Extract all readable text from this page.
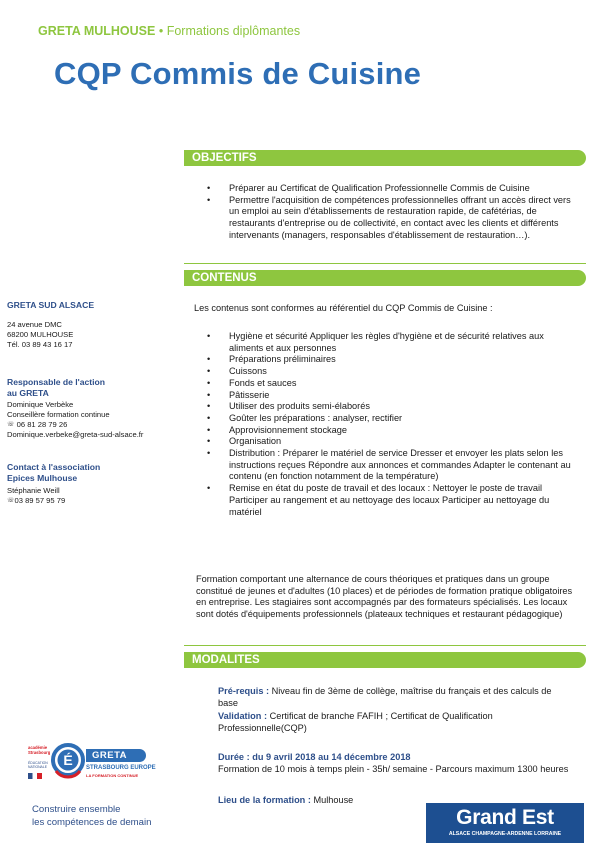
GRETA MULHOUSE • Formations diplômantes
CQP Commis de Cuisine
OBJECTIFS
• Préparer au Certificat de Qualification Professionnelle Commis de Cuisine
• Permettre l'acquisition de compétences professionnelles offrant un accès direct vers un emploi au sein d'établissements de restauration rapide, de cafétérias, de restaurants d'entreprise ou de collectivité, en contact avec les clients et différents intervenants (managers, responsables d'établissement de restauration…).
CONTENUS
Les contenus sont conformes au référentiel du CQP Commis de Cuisine :
• Hygiène et sécurité Appliquer les règles d'hygiène et de sécurité relatives aux aliments et aux personnes
• Préparations préliminaires
• Cuissons
• Fonds et sauces
• Pâtisserie
• Utiliser des produits semi-élaborés
• Goûter les préparations : analyser, rectifier
• Approvisionnement stockage
• Organisation
• Distribution : Préparer le matériel de service Dresser et envoyer les plats selon les instructions reçues Répondre aux annonces et commandes Adapter le contenant au contenu (en fonction notamment de la température)
• Remise en état du poste de travail et des locaux : Nettoyer le poste de travail Participer au rangement et au nettoyage des locaux Participer au nettoyage du matériel
Formation comportant une alternance de cours théoriques et pratiques dans un groupe constitué de jeunes et d'adultes (10 places) et de périodes de formation pratique obligatoires en entreprise. Les stagiaires sont accompagnés par des formateurs spécialisés. Les locaux sont dotés d'équipements professionnels (plateaux techniques et restaurant pédagogique)
MODALITES
Pré-requis : Niveau fin de 3ème de collège, maîtrise du français et des calculs de base
Validation : Certificat de branche FAFIH ; Certificat de Qualification Professionnelle(CQP)
Durée : du 9 avril 2018 au 14 décembre 2018
Formation de 10 mois à temps plein - 35h/ semaine - Parcours maximum 1300 heures
Lieu de la formation : Mulhouse
GRETA SUD ALSACE
24 avenue DMC
68200 MULHOUSE
Tél. 03 89 43 16 17
Responsable de l'action
au GRETA
Dominique Verbèke
Conseillère formation continue
☏ 06 81 28 79 26
Dominique.verbeke@greta-sud-alsace.fr
Contact à l'association
Epices Mulhouse
Stéphanie Weill
☏03 89 57 95 79
É
académie Strasbourg
ÉDUCATION NATIONALE
GRETA
STRASBOURG EUROPE
LA FORMATION CONTINUE
Construire ensemble
les compétences de demain	Grand Est
ALSACE CHAMPAGNE-ARDENNE LORRAINE
